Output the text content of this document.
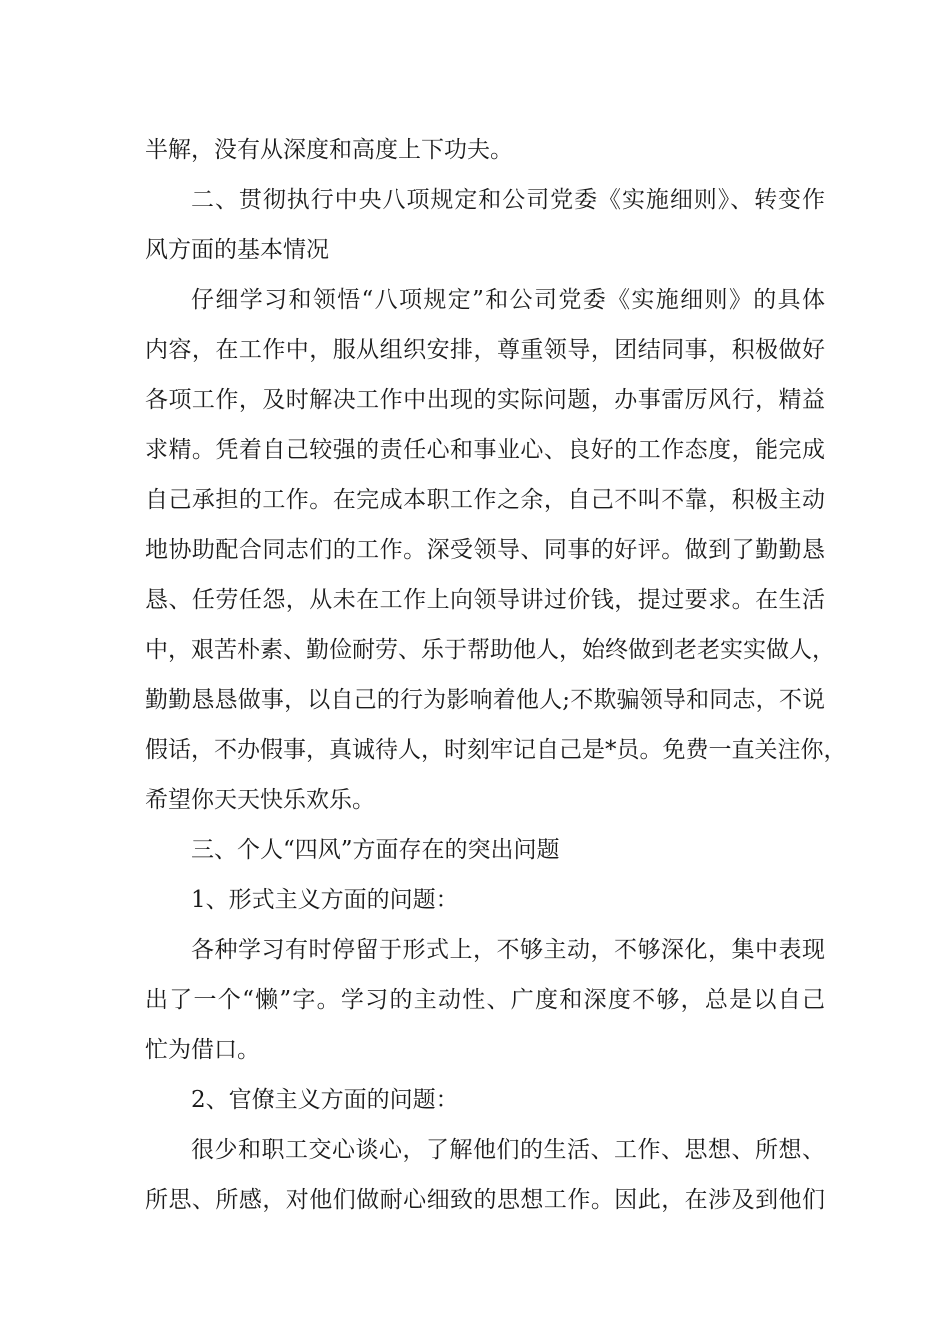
半解，没有从深度和高度上下功夫。
二、贯彻执行中央八项规定和公司党委《实施细则》、转变作
风方面的基本情况
仔细学习和领悟“八项规定”和公司党委《实施细则》的具体
内容，在工作中，服从组织安排，尊重领导，团结同事，积极做好
各项工作，及时解决工作中出现的实际问题，办事雷厉风行，精益
求精。凭着自己较强的责任心和事业心、良好的工作态度，能完成
自己承担的工作。在完成本职工作之余，自己不叫不靠，积极主动
地协助配合同志们的工作。深受领导、同事的好评。做到了勤勤恳
恳、任劳任怨，从未在工作上向领导讲过价钱，提过要求。在生活
中，艰苦朴素、勤俭耐劳、乐于帮助他人，始终做到老老实实做人，
勤勤恳恳做事，以自己的行为影响着他人;不欺骗领导和同志，不说
假话，不办假事，真诚待人，时刻牢记自己是*员。免费一直关注你，
希望你天天快乐欢乐。
三、个人“四风”方面存在的突出问题
1、形式主义方面的问题：
各种学习有时停留于形式上，不够主动，不够深化，集中表现
出了一个“懒”字。学习的主动性、广度和深度不够，总是以自己
忙为借口。
2、官僚主义方面的问题：
很少和职工交心谈心，了解他们的生活、工作、思想、所想、
所思、所感，对他们做耐心细致的思想工作。因此，在涉及到他们
